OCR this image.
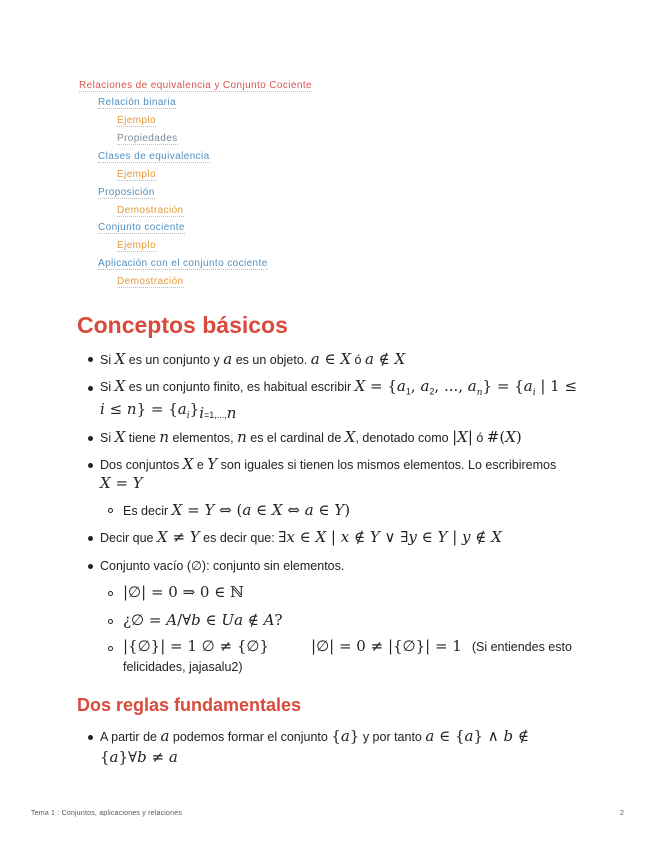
Relaciones de equivalencia y Conjunto Cociente
Relación binaria
Ejemplo
Propiedades
Clases de equivalencia
Ejemplo
Proposición
Demostración
Conjunto cociente
Ejemplo
Aplicación con el conjunto cociente
Demostración
Conceptos básicos
Si X es un conjunto y a es un objeto. a ∈ X ó a ∉ X
Si X es un conjunto finito, es habitual escribir $X = \{a_1$, $a_2$, ..., $a_n\} = \{a_i$ | 1 ≤
$i \le n\} = \{a_i\}_{i=1,...,n}$
Si X tiene n elementos, n es el cardinal de X, denotado como |X| ó #(X)
Dos conjuntos X e Y son iguales si tienen los mismos elementos. Lo escribiremos
X = Y
Es decir X = Y ⇔ (a ∈ X ⇔ a ∈ Y)
Decir que X ≠ Y es decir que: ∃x ∈ X | x ∉ Y ∨ ∃y ∈ Y | y ∉ X
Conjunto vacío (∅): conjunto sin elementos.
|∅| = 0 ⇒ 0 ∈ ℕ
¿∅ = A/∀b ∈ Ua ∉ A?
|{∅}| = 1 ∅ ≠ {∅}	|∅| = 0 ≠ |{∅}| = 1 (Si entiendes esto
felicidades, jajasalu2)
Dos reglas fundamentales
A partir de a podemos formar el conjunto {a} y por tanto a ∈ {a} ∧ b ∉
{a}∀b ≠ a
Tema 1 : Conjuntos, aplicaciones y relaciones	2
